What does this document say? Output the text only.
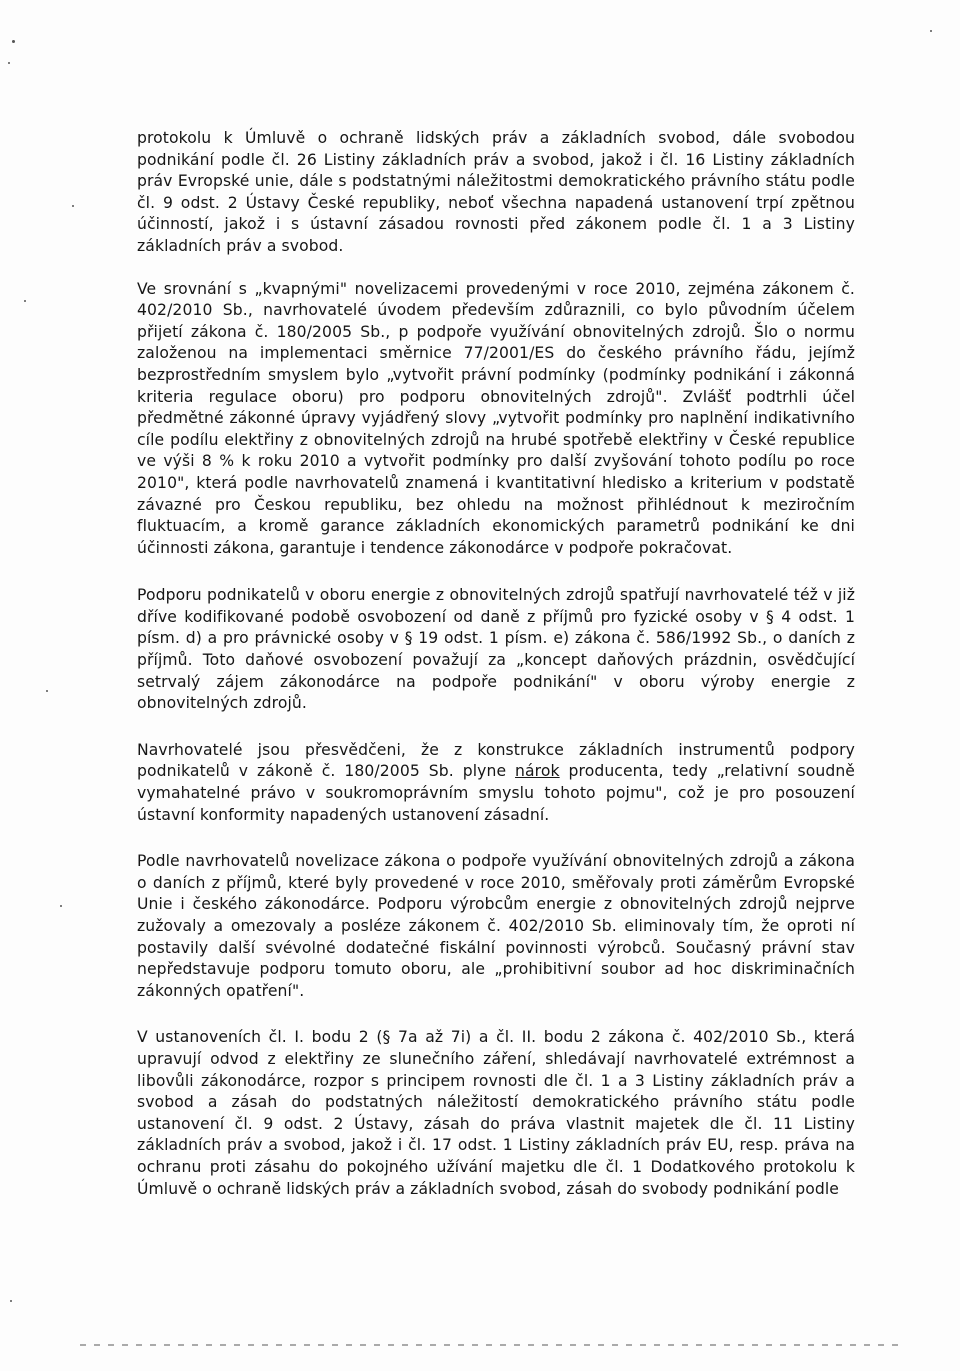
protokolu k Úmluvě o ochraně lidských práv a základních svobod, dále svobodou podnikání podle čl. 26 Listiny základních práv a svobod, jakož i čl. 16 Listiny základních práv Evropské unie, dále s podstatnými náležitostmi demokratického právního státu podle čl. 9 odst. 2 Ústavy České republiky, neboť všechna napadená ustanovení trpí zpětnou účinností, jakož i s ústavní zásadou rovnosti před zákonem podle čl. 1 a 3 Listiny základních práv a svobod.

Ve srovnání s „kvapnými" novelizacemi provedenými v roce 2010, zejména zákonem č. 402/2010 Sb., navrhovatelé úvodem především zdůraznili, co bylo původním účelem přijetí zákona č. 180/2005 Sb., p podpoře využívání obnovitelných zdrojů. Šlo o normu založenou na implementaci směrnice 77/2001/ES do českého právního řádu, jejímž bezprostředním smyslem bylo „vytvořit právní podmínky (podmínky podnikání i zákonná kriteria regulace oboru) pro podporu obnovitelných zdrojů". Zvlášť podtrhli účel předmětné zákonné úpravy vyjádřený slovy „vytvořit podmínky pro naplnění indikativního cíle podílu elektřiny z obnovitelných zdrojů na hrubé spotřebě elektřiny v České republice ve výši 8 % k roku 2010 a vytvořit podmínky pro další zvyšování tohoto podílu po roce 2010", která podle navrhovatelů znamená i kvantitativní hledisko a kriterium v podstatě závazné pro Českou republiku, bez ohledu na možnost přihlédnout k meziročním fluktuacím, a kromě garance základních ekonomických parametrů podnikání ke dni účinnosti zákona, garantuje i tendence zákonodárce v podpoře pokračovat.

Podporu podnikatelů v oboru energie z obnovitelných zdrojů spatřují navrhovatelé též v již dříve kodifikované podobě osvobození od daně z příjmů pro fyzické osoby v § 4 odst. 1 písm. d) a pro právnické osoby v § 19 odst. 1 písm. e) zákona č. 586/1992 Sb., o daních z příjmů. Toto daňové osvobození považují za „koncept daňových prázdnin, osvědčující setrvalý zájem zákonodárce na podpoře podnikání" v oboru výroby energie z obnovitelných zdrojů.

Navrhovatelé jsou přesvědčeni, že z konstrukce základních instrumentů podpory podnikatelů v zákoně č. 180/2005 Sb. plyne nárok producenta, tedy „relativní soudně vymahatelné právo v soukromoprávním smyslu tohoto pojmu", což je pro posouzení ústavní konformity napadených ustanovení zásadní.

Podle navrhovatelů novelizace zákona o podpoře využívání obnovitelných zdrojů a zákona o daních z příjmů, které byly provedené v roce 2010, směřovaly proti záměrům Evropské Unie i českého zákonodárce. Podporu výrobcům energie z obnovitelných zdrojů nejprve zužovaly a omezovaly a posléze zákonem č. 402/2010 Sb. eliminovaly tím, že oproti ní postavily další svévolné dodatečné fiskální povinnosti výrobců. Současný právní stav nepředstavuje podporu tomuto oboru, ale „prohibitivní soubor ad hoc diskriminačních zákonných opatření".

V ustanoveních čl. I. bodu 2 (§ 7a až 7i) a čl. II. bodu 2 zákona č. 402/2010 Sb., která upravují odvod z elektřiny ze slunečního záření, shledávají navrhovatelé extrémnost a libovůli zákonodárce, rozpor s principem rovnosti dle čl. 1 a 3 Listiny základních práv a svobod a zásah do podstatných náležitostí demokratického právního státu podle ustanovení čl. 9 odst. 2 Ústavy, zásah do práva vlastnit majetek dle čl. 11 Listiny základních práv a svobod, jakož i čl. 17 odst. 1 Listiny základních práv EU, resp. práva na ochranu proti zásahu do pokojného užívání majetku dle čl. 1 Dodatkového protokolu k Úmluvě o ochraně lidských práv a základních svobod, zásah do svobody podnikání podle
